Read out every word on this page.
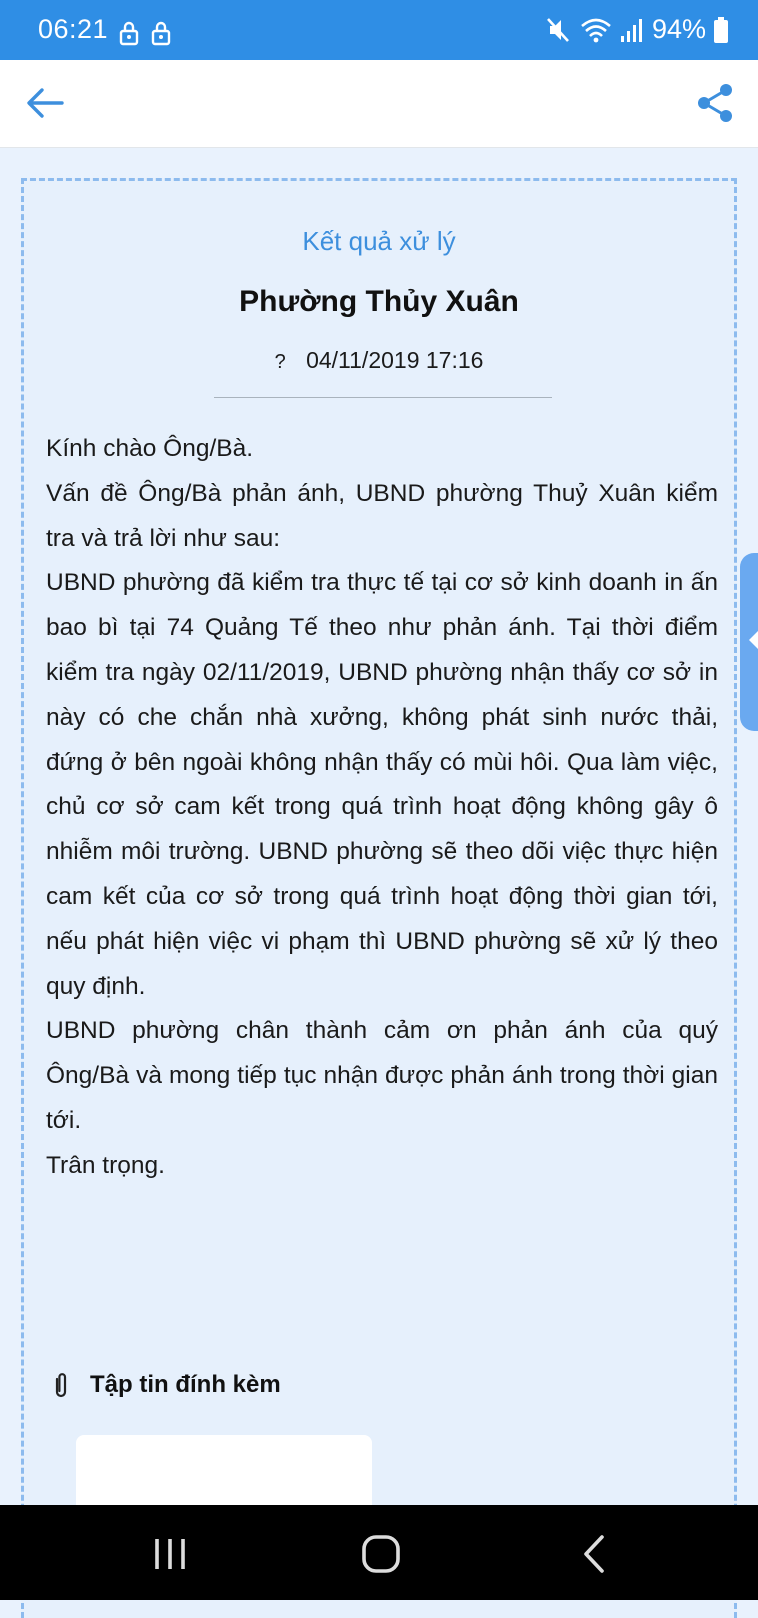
06:21	94%
Kết quả xử lý
Phường Thủy Xuân
? 04/11/2019 17:16

Kính chào Ông/Bà.

Vấn đề Ông/Bà phản ánh, UBND phường Thuỷ Xuân kiểm tra và trả lời như sau:

UBND phường đã kiểm tra thực tế tại cơ sở kinh doanh in ấn bao bì tại 74 Quảng Tế theo như phản ánh. Tại thời điểm kiểm tra ngày 02/11/2019, UBND phường nhận thấy cơ sở in này có che chắn nhà xưởng, không phát sinh nước thải, đứng ở bên ngoài không nhận thấy có mùi hôi. Qua làm việc, chủ cơ sở cam kết trong quá trình hoạt động không gây ô nhiễm môi trường. UBND phường sẽ theo dõi việc thực hiện cam kết của cơ sở trong quá trình hoạt động thời gian tới, nếu phát hiện việc vi phạm thì UBND phường sẽ xử lý theo quy định.

UBND phường chân thành cảm ơn phản ánh của quý Ông/Bà và mong tiếp tục nhận được phản ánh trong thời gian tới.

Trân trọng.

Tập tin đính kèm
